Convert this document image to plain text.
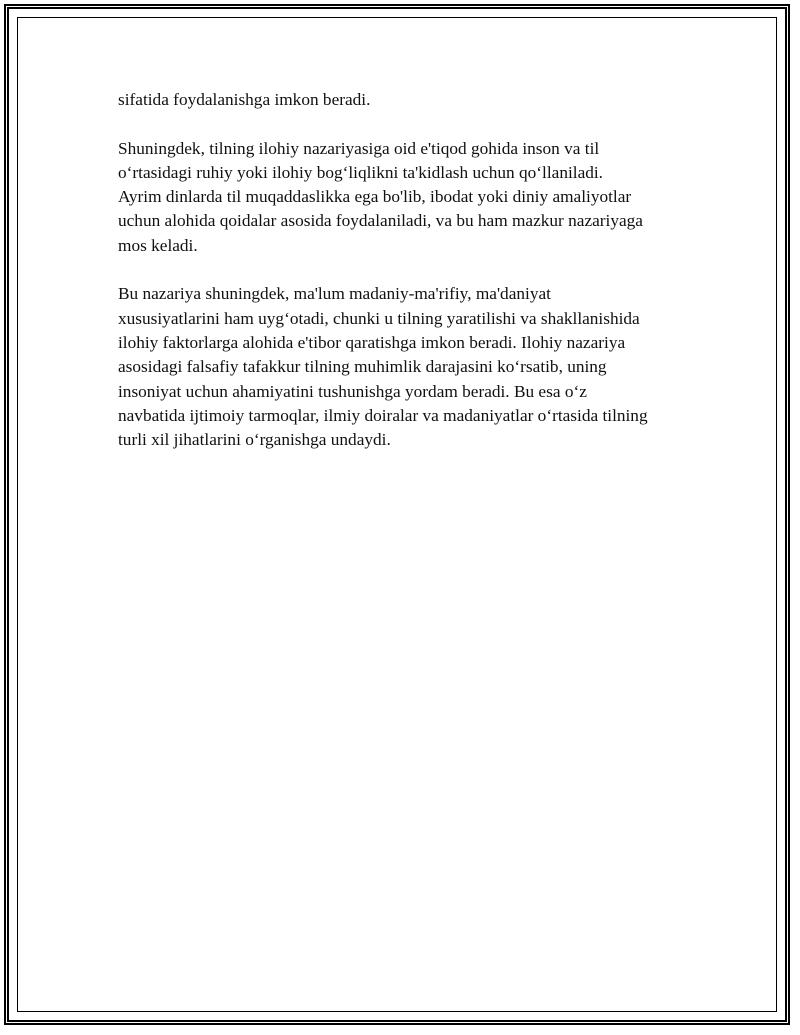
sifatida foydalanishga imkon beradi.

Shuningdek, tilning ilohiy nazariyasiga oid e'tiqod gohida inson va til
o‘rtasidagi ruhiy yoki ilohiy bog‘liqlikni ta'kidlash uchun qo‘llaniladi.
Ayrim dinlarda til muqaddaslikka ega bo'lib, ibodat yoki diniy amaliyotlar
uchun alohida qoidalar asosida foydalaniladi, va bu ham mazkur nazariyaga
mos keladi.

Bu nazariya shuningdek, ma'lum madaniy-ma'rifiy, ma'daniyat
xususiyatlarini ham uyg‘otadi, chunki u tilning yaratilishi va shakllanishida
ilohiy faktorlarga alohida e'tibor qaratishga imkon beradi. Ilohiy nazariya
asosidagi falsafiy tafakkur tilning muhimlik darajasini ko‘rsatib, uning
insoniyat uchun ahamiyatini tushunishga yordam beradi. Bu esa o‘z
navbatida ijtimoiy tarmoqlar, ilmiy doiralar va madaniyatlar o‘rtasida tilning
turli xil jihatlarini o‘rganishga undaydi.
